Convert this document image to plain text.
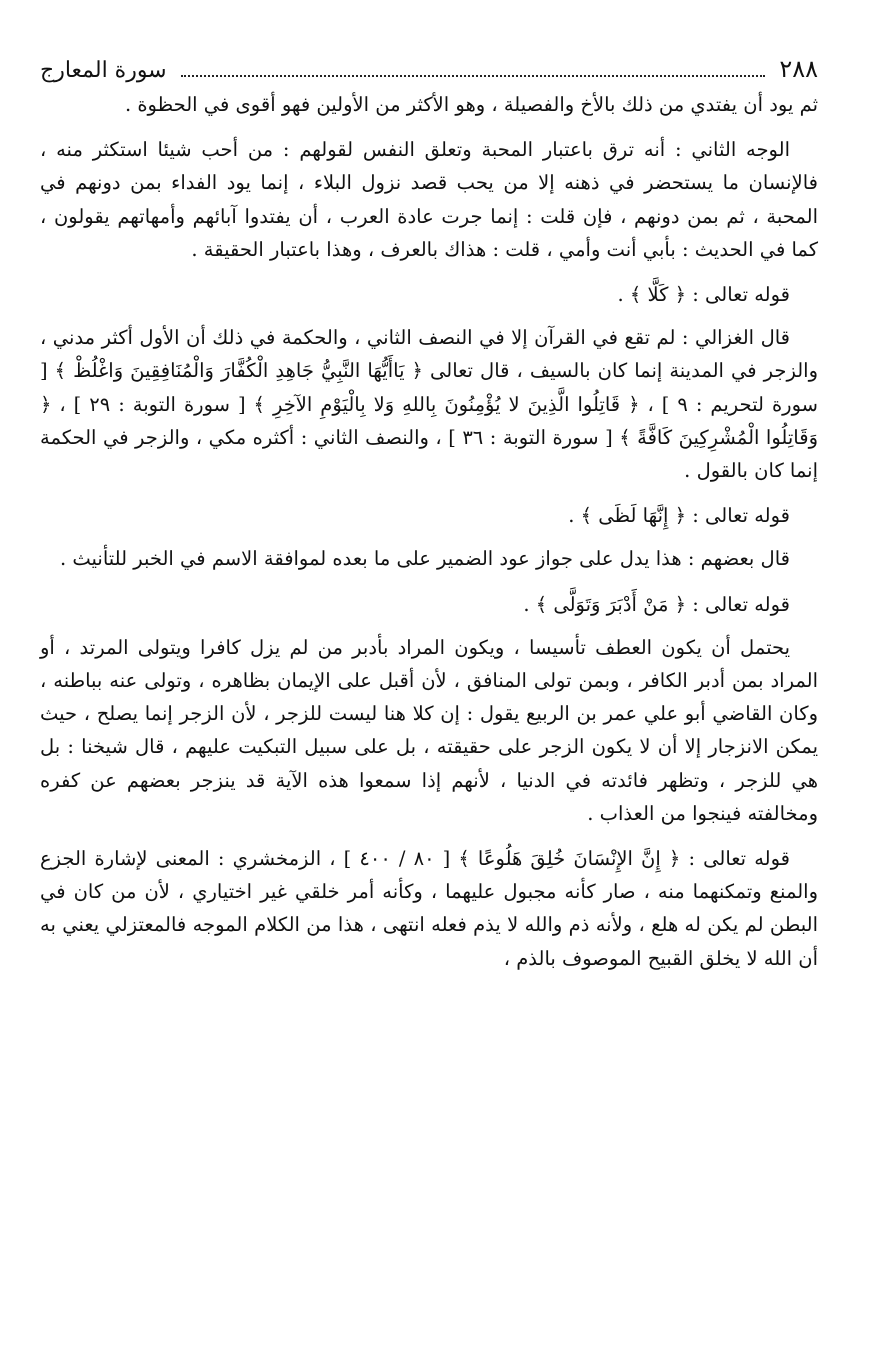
٢٨٨
سورة المعارج

ثم يود أن يفتدي من ذلك بالأخ والفصيلة ، وهو الأكثر من الأولين فهو أقوى في الحظوة .

الوجه الثاني : أنه ترق باعتبار المحبة وتعلق النفس لقولهم : من أحب شيئا استكثر منه ، فالإنسان ما يستحضر في ذهنه إلا من يحب قصد نزول البلاء ، إنما يود الفداء بمن دونهم في المحبة ، ثم بمن دونهم ، فإن قلت : إنما جرت عادة العرب ، أن يفتدوا آبائهم وأمهاتهم يقولون ، كما في الحديث : بأبي أنت وأمي ، قلت : هذاك بالعرف ، وهذا باعتبار الحقيقة .

قوله تعالى : ﴿ كَلَّا ﴾ .

قال الغزالي : لم تقع في القرآن إلا في النصف الثاني ، والحكمة في ذلك أن الأول أكثر مدني ، والزجر في المدينة إنما كان بالسيف ، قال تعالى ﴿ يَاأَيُّهَا النَّبِيُّ جَاهِدِ الْكُفَّارَ وَالْمُنَافِقِينَ وَاغْلُظْ ﴾ [ سورة لتحريم : ٩ ] ، ﴿ قَاتِلُوا الَّذِينَ لا يُؤْمِنُونَ بِاللهِ وَلا بِالْيَوْمِ الآخِرِ ﴾ [ سورة التوبة : ٢٩ ] ، ﴿ وَقَاتِلُوا الْمُشْرِكِينَ كَافَّةً ﴾ [ سورة التوبة : ٣٦ ] ، والنصف الثاني : أكثره مكي ، والزجر في الحكمة إنما كان بالقول .

قوله تعالى : ﴿ إِنَّهَا لَظَى ﴾ .

قال بعضهم : هذا يدل على جواز عود الضمير على ما بعده لموافقة الاسم في الخبر للتأنيث .

قوله تعالى : ﴿ مَنْ أَدْبَرَ وَتَوَلَّى ﴾ .

يحتمل أن يكون العطف تأسيسا ، ويكون المراد بأدبر من لم يزل كافرا ويتولى المرتد ، أو المراد بمن أدبر الكافر ، وبمن تولى المنافق ، لأن أقبل على الإيمان بظاهره ، وتولى عنه بباطنه ، وكان القاضي أبو علي عمر بن الربيع يقول : إن كلا هنا ليست للزجر ، لأن الزجر إنما يصلح ، حيث يمكن الانزجار إلا أن لا يكون الزجر على حقيقته ، بل على سبيل التبكيت عليهم ، قال شيخنا : بل هي للزجر ، وتظهر فائدته في الدنيا ، لأنهم إذا سمعوا هذه الآية قد ينزجر بعضهم عن كفره ومخالفته فينجوا من العذاب .

قوله تعالى : ﴿ إِنَّ الإِنْسَانَ خُلِقَ هَلُوعًا ﴾ [ ٨٠ / ٤٠٠ ] ، الزمخشري : المعنى لإشارة الجزع والمنع وتمكنهما منه ، صار كأنه مجبول عليهما ، وكأنه أمر خلقي غير اختياري ، لأن من كان في البطن لم يكن له هلع ، ولأنه ذم والله لا يذم فعله انتهى ، هذا من الكلام الموجه فالمعتزلي يعني به أن الله لا يخلق القبيح الموصوف بالذم ،
